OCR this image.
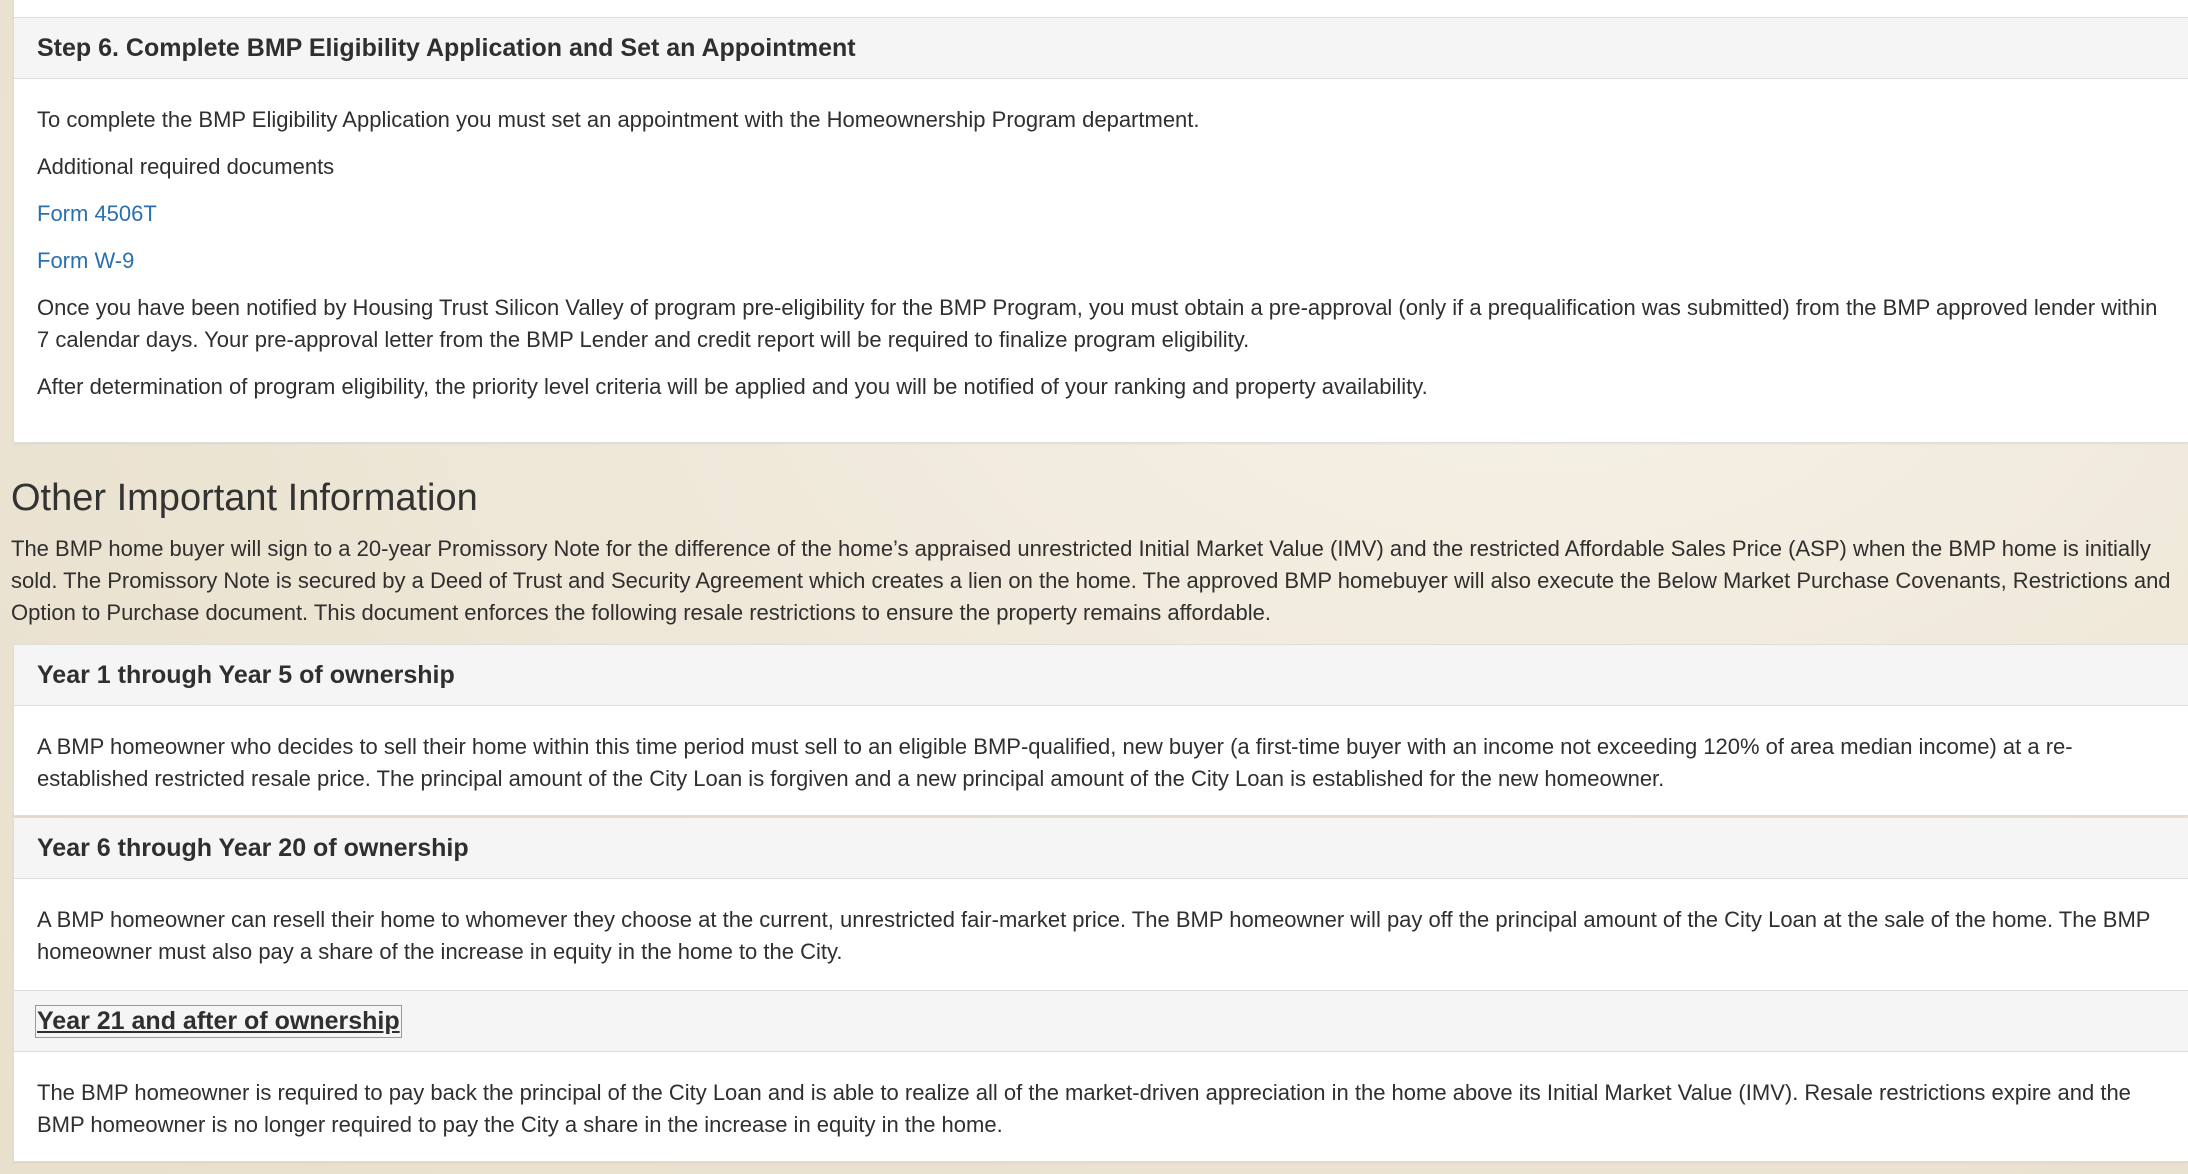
Step 6. Complete BMP Eligibility Application and Set an Appointment

To complete the BMP Eligibility Application you must set an appointment with the Homeownership Program department.

Additional required documents

Form 4506T

Form W-9

Once you have been notified by Housing Trust Silicon Valley of program pre-eligibility for the BMP Program, you must obtain a pre-approval (only if a prequalification was submitted) from the BMP approved lender within 7 calendar days. Your pre-approval letter from the BMP Lender and credit report will be required to finalize program eligibility.

After determination of program eligibility, the priority level criteria will be applied and you will be notified of your ranking and property availability.

Other Important Information

The BMP home buyer will sign to a 20-year Promissory Note for the difference of the home’s appraised unrestricted Initial Market Value (IMV) and the restricted Affordable Sales Price (ASP) when the BMP home is initially sold. The Promissory Note is secured by a Deed of Trust and Security Agreement which creates a lien on the home. The approved BMP homebuyer will also execute the Below Market Purchase Covenants, Restrictions and Option to Purchase document. This document enforces the following resale restrictions to ensure the property remains affordable.

Year 1 through Year 5 of ownership

A BMP homeowner who decides to sell their home within this time period must sell to an eligible BMP-qualified, new buyer (a first-time buyer with an income not exceeding 120% of area median income) at a re-established restricted resale price. The principal amount of the City Loan is forgiven and a new principal amount of the City Loan is established for the new homeowner.

Year 6 through Year 20 of ownership

A BMP homeowner can resell their home to whomever they choose at the current, unrestricted fair-market price. The BMP homeowner will pay off the principal amount of the City Loan at the sale of the home. The BMP homeowner must also pay a share of the increase in equity in the home to the City.

Year 21 and after of ownership

The BMP homeowner is required to pay back the principal of the City Loan and is able to realize all of the market-driven appreciation in the home above its Initial Market Value (IMV). Resale restrictions expire and the BMP homeowner is no longer required to pay the City a share in the increase in equity in the home.
